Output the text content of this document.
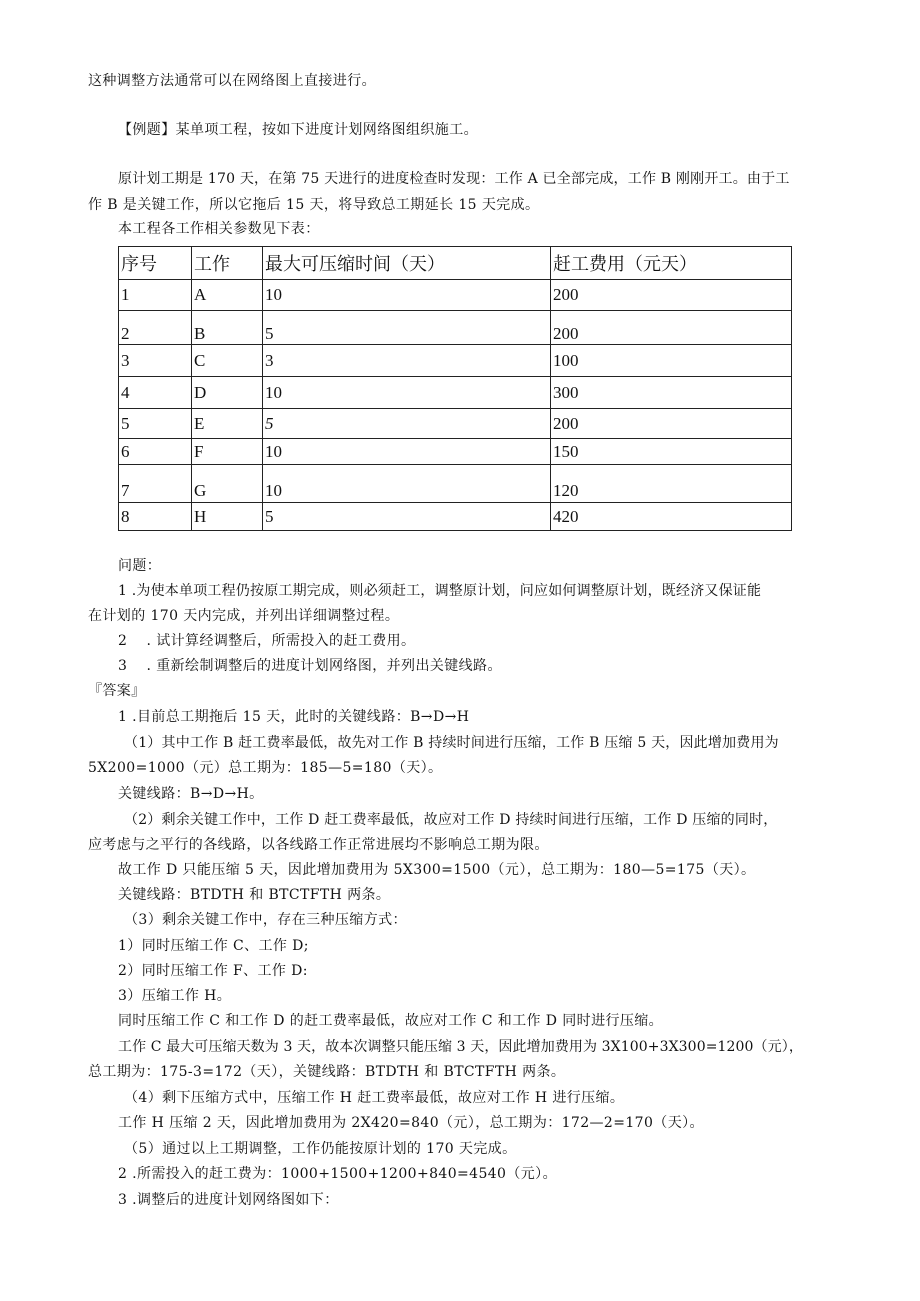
这种调整方法通常可以在网络图上直接进行。
【例题】某单项工程，按如下进度计划网络图组织施工。
原计划工期是 170 天，在第 75 天进行的进度检查时发现：工作 A 已全部完成，工作 B 刚刚开工。由于工
作 B 是关键工作，所以它拖后 15 天，将导致总工期延长 15 天完成。
本工程各工作相关参数见下表：
序号	工作	最大可压缩时间（天）	赶工费用（元天）
1	A	10	200
2	B	5	200
3	C	3	100
4	D	10	300
5	E	5	200
6	F	10	150
7	G	10	120
8	H	5	420
问题：
1 .为使本单项工程仍按原工期完成，则必须赶工，调整原计划，问应如何调整原计划，既经济又保证能
在计划的 170 天内完成，并列出详细调整过程。
2　 . 试计算经调整后，所需投入的赶工费用。
3　 . 重新绘制调整后的进度计划网络图，并列出关键线路。
『答案』
1 .目前总工期拖后 15 天，此时的关键线路：B→D→H
（1）其中工作 B 赶工费率最低，故先对工作 B 持续时间进行压缩，工作 B 压缩 5 天，因此增加费用为
5X200=1000（元）总工期为：185—5=180（天）。
关键线路：B→D→H。
（2）剩余关键工作中，工作 D 赶工费率最低，故应对工作 D 持续时间进行压缩，工作 D 压缩的同时，
应考虑与之平行的各线路，以各线路工作正常进展均不影响总工期为限。
故工作 D 只能压缩 5 天，因此增加费用为 5X300=1500（元），总工期为：180—5=175（天）。
关键线路：BTDTH 和 BTCTFTH 两条。
（3）剩余关键工作中，存在三种压缩方式：
1）同时压缩工作 C、工作 D;
2）同时压缩工作 F、工作 D:
3）压缩工作 H。
同时压缩工作 C 和工作 D 的赶工费率最低，故应对工作 C 和工作 D 同时进行压缩。
工作 C 最大可压缩天数为 3 天，故本次调整只能压缩 3 天，因此增加费用为 3X100+3X300=1200（元），
总工期为：175-3=172（天），关键线路：BTDTH 和 BTCTFTH 两条。
（4）剩下压缩方式中，压缩工作 H 赶工费率最低，故应对工作 H 进行压缩。
工作 H 压缩 2 天，因此增加费用为 2X420=840（元），总工期为：172—2=170（天）。
（5）通过以上工期调整，工作仍能按原计划的 170 天完成。
2 .所需投入的赶工费为：1000+1500+1200+840=4540（元）。
3 .调整后的进度计划网络图如下：
